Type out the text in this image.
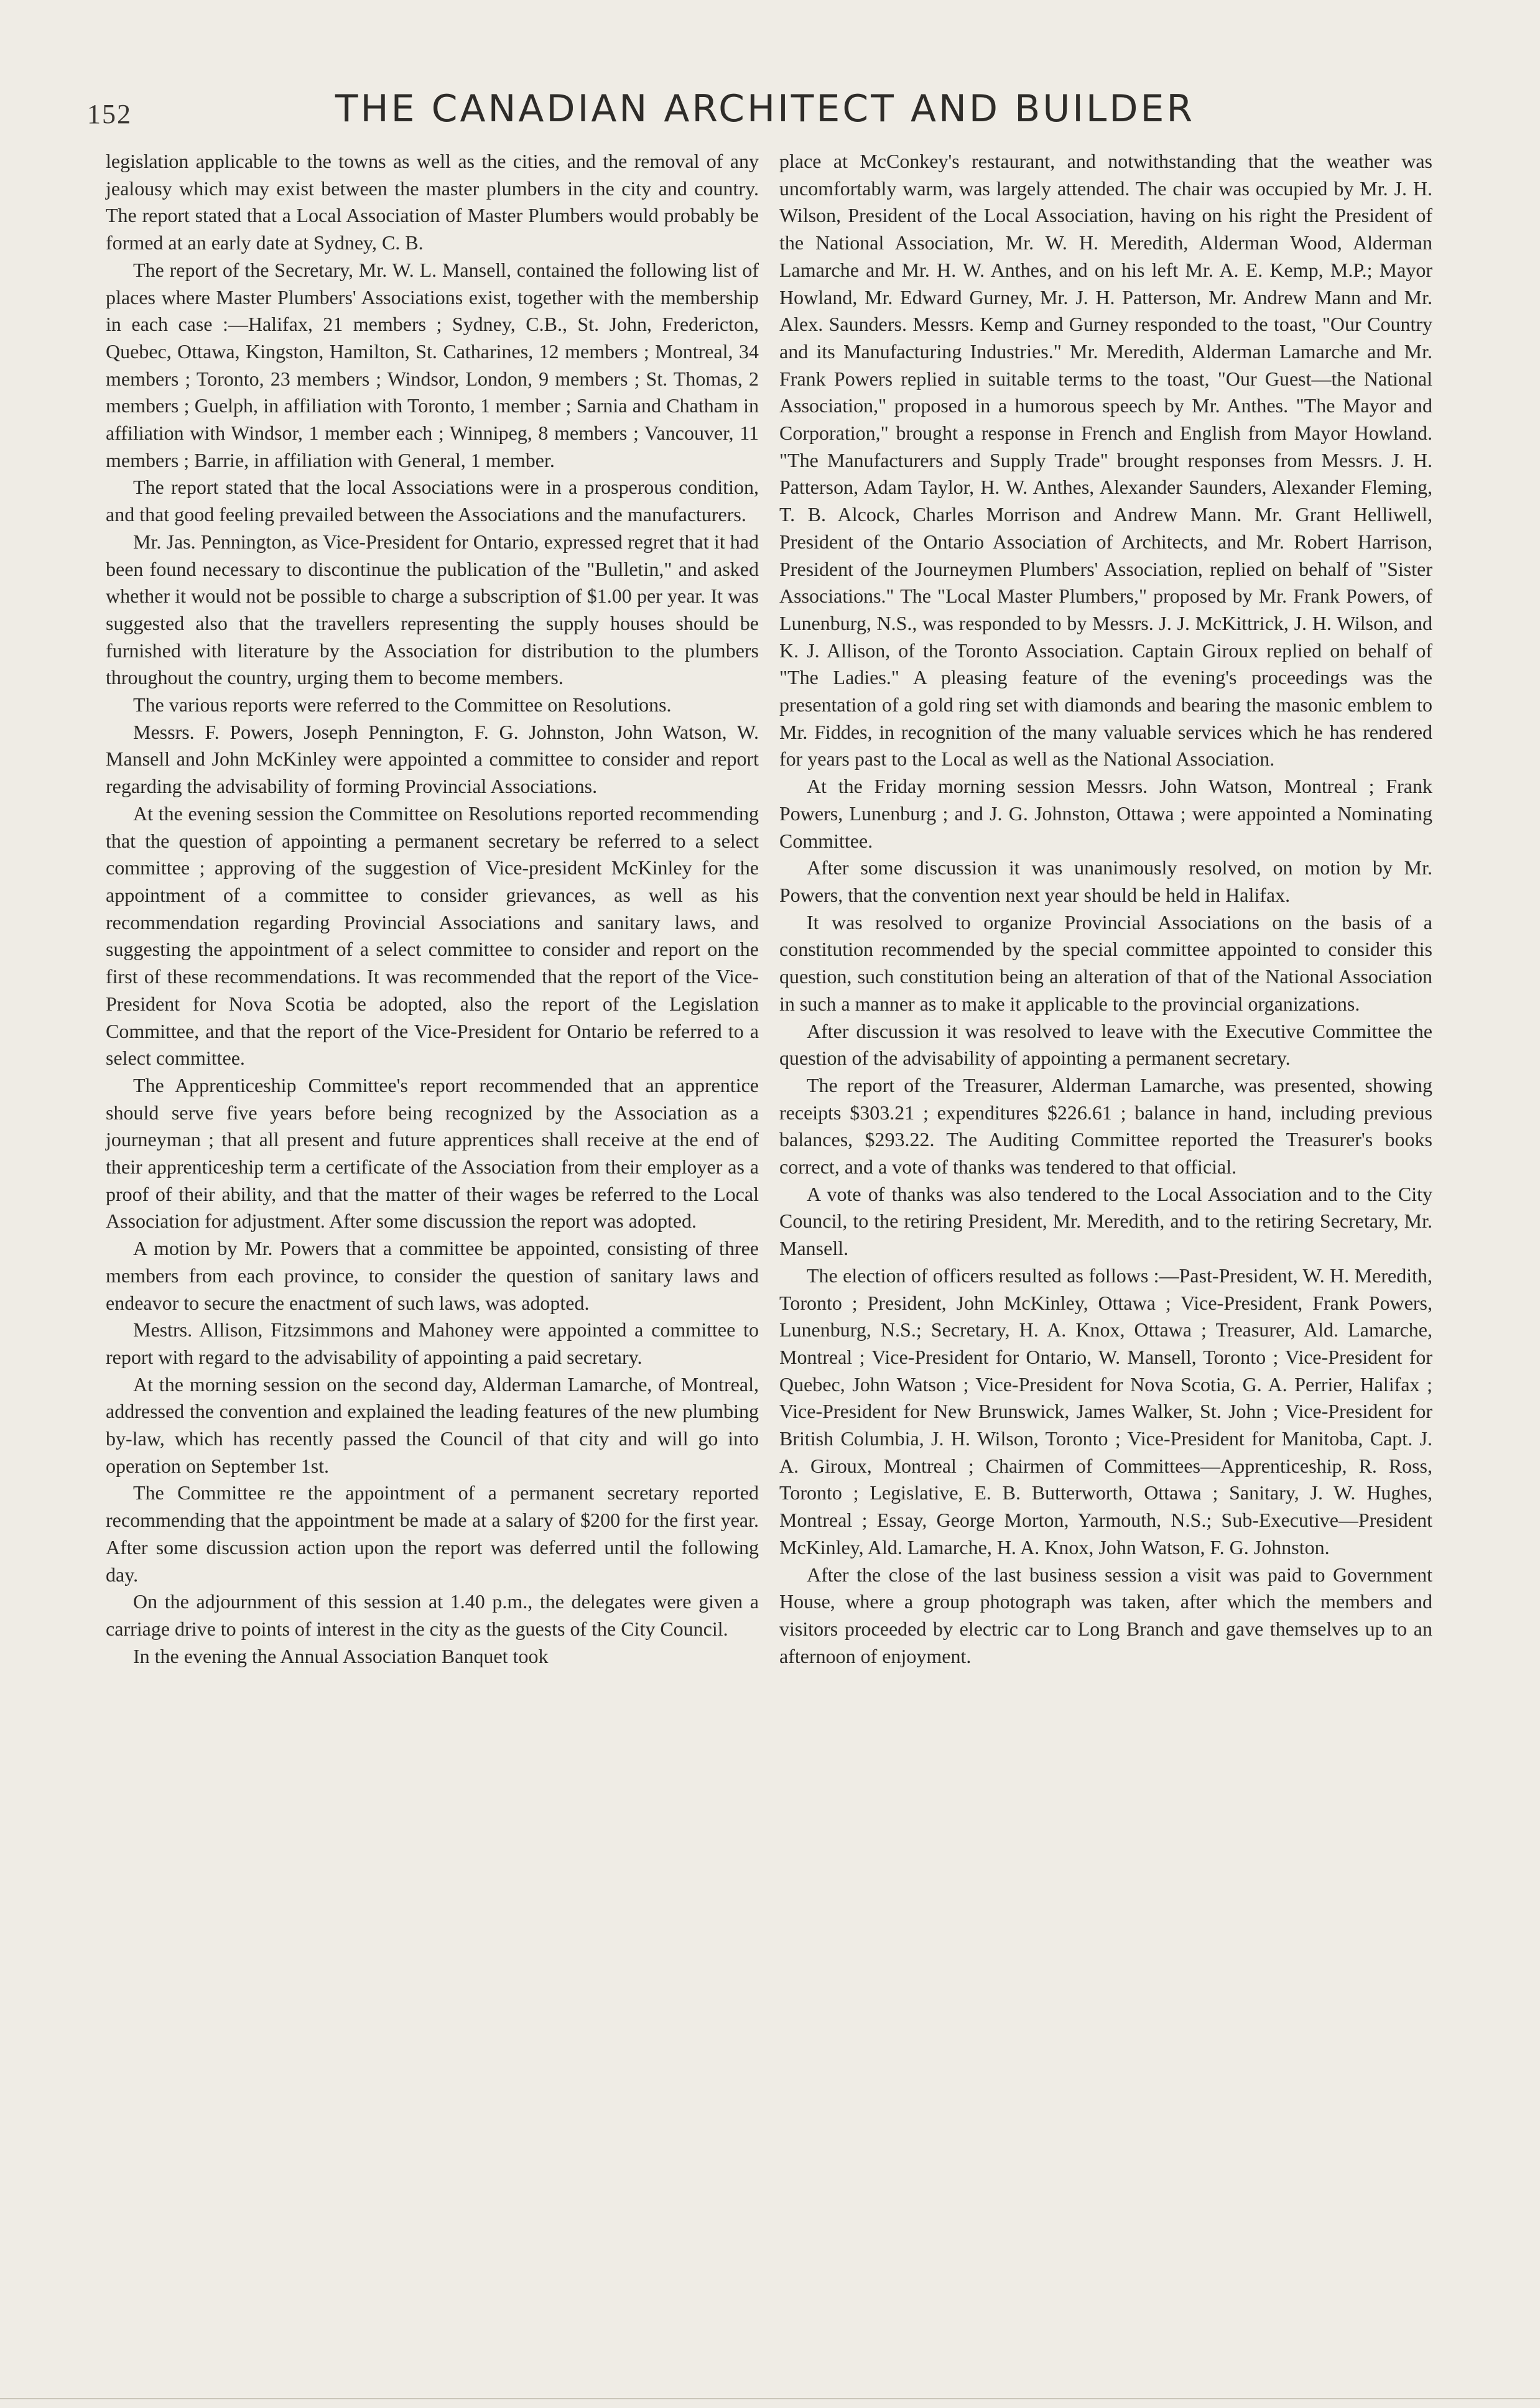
152	THE CANADIAN ARCHITECT AND BUILDER

legislation applicable to the towns as well as the cities, and the removal of any jealousy which may exist between the master plumbers in the city and country. The report stated that a Local Association of Master Plumbers would probably be formed at an early date at Sydney, C. B.

The report of the Secretary, Mr. W. L. Mansell, contained the following list of places where Master Plumbers' Associations exist, together with the membership in each case :—Halifax, 21 members ; Sydney, C.B., St. John, Fredericton, Quebec, Ottawa, Kingston, Hamilton, St. Catharines, 12 members ; Montreal, 34 members ; Toronto, 23 members ; Windsor, London, 9 members ; St. Thomas, 2 members ; Guelph, in affiliation with Toronto, 1 member ; Sarnia and Chatham in affiliation with Windsor, 1 member each ; Winnipeg, 8 members ; Vancouver, 11 members ; Barrie, in affiliation with General, 1 member.

The report stated that the local Associations were in a prosperous condition, and that good feeling prevailed between the Associations and the manufacturers.

Mr. Jas. Pennington, as Vice-President for Ontario, expressed regret that it had been found necessary to discontinue the publication of the "Bulletin," and asked whether it would not be possible to charge a subscription of $1.00 per year. It was suggested also that the travellers representing the supply houses should be furnished with literature by the Association for distribution to the plumbers throughout the country, urging them to become members.

The various reports were referred to the Committee on Resolutions.

Messrs. F. Powers, Joseph Pennington, F. G. Johnston, John Watson, W. Mansell and John McKinley were appointed a committee to consider and report regarding the advisability of forming Provincial Associations.

At the evening session the Committee on Resolutions reported recommending that the question of appointing a permanent secretary be referred to a select committee ; approving of the suggestion of Vice-president McKinley for the appointment of a committee to consider grievances, as well as his recommendation regarding Provincial Associations and sanitary laws, and suggesting the appointment of a select committee to consider and report on the first of these recommendations. It was recommended that the report of the Vice-President for Nova Scotia be adopted, also the report of the Legislation Committee, and that the report of the Vice-President for Ontario be referred to a select committee.

The Apprenticeship Committee's report recommended that an apprentice should serve five years before being recognized by the Association as a journeyman ; that all present and future apprentices shall receive at the end of their apprenticeship term a certificate of the Association from their employer as a proof of their ability, and that the matter of their wages be referred to the Local Association for adjustment. After some discussion the report was adopted.

A motion by Mr. Powers that a committee be appointed, consisting of three members from each province, to consider the question of sanitary laws and endeavor to secure the enactment of such laws, was adopted.

Mestrs. Allison, Fitzsimmons and Mahoney were appointed a committee to report with regard to the advisability of appointing a paid secretary.

At the morning session on the second day, Alderman Lamarche, of Montreal, addressed the convention and explained the leading features of the new plumbing by-law, which has recently passed the Council of that city and will go into operation on September 1st.

The Committee re the appointment of a permanent secretary reported recommending that the appointment be made at a salary of $200 for the first year. After some discussion action upon the report was deferred until the following day.

On the adjournment of this session at 1.40 p.m., the delegates were given a carriage drive to points of interest in the city as the guests of the City Council.

In the evening the Annual Association Banquet took

place at McConkey's restaurant, and notwithstanding that the weather was uncomfortably warm, was largely attended. The chair was occupied by Mr. J. H. Wilson, President of the Local Association, having on his right the President of the National Association, Mr. W. H. Meredith, Alderman Wood, Alderman Lamarche and Mr. H. W. Anthes, and on his left Mr. A. E. Kemp, M.P.; Mayor Howland, Mr. Edward Gurney, Mr. J. H. Patterson, Mr. Andrew Mann and Mr. Alex. Saunders. Messrs. Kemp and Gurney responded to the toast, "Our Country and its Manufacturing Industries." Mr. Meredith, Alderman Lamarche and Mr. Frank Powers replied in suitable terms to the toast, "Our Guest—the National Association," proposed in a humorous speech by Mr. Anthes. "The Mayor and Corporation," brought a response in French and English from Mayor Howland. "The Manufacturers and Supply Trade" brought responses from Messrs. J. H. Patterson, Adam Taylor, H. W. Anthes, Alexander Saunders, Alexander Fleming, T. B. Alcock, Charles Morrison and Andrew Mann. Mr. Grant Helliwell, President of the Ontario Association of Architects, and Mr. Robert Harrison, President of the Journeymen Plumbers' Association, replied on behalf of "Sister Associations." The "Local Master Plumbers," proposed by Mr. Frank Powers, of Lunenburg, N.S., was responded to by Messrs. J. J. McKittrick, J. H. Wilson, and K. J. Allison, of the Toronto Association. Captain Giroux replied on behalf of "The Ladies." A pleasing feature of the evening's proceedings was the presentation of a gold ring set with diamonds and bearing the masonic emblem to Mr. Fiddes, in recognition of the many valuable services which he has rendered for years past to the Local as well as the National Association.

At the Friday morning session Messrs. John Watson, Montreal ; Frank Powers, Lunenburg ; and J. G. Johnston, Ottawa ; were appointed a Nominating Committee.

After some discussion it was unanimously resolved, on motion by Mr. Powers, that the convention next year should be held in Halifax.

It was resolved to organize Provincial Associations on the basis of a constitution recommended by the special committee appointed to consider this question, such constitution being an alteration of that of the National Association in such a manner as to make it applicable to the provincial organizations.

After discussion it was resolved to leave with the Executive Committee the question of the advisability of appointing a permanent secretary.

The report of the Treasurer, Alderman Lamarche, was presented, showing receipts $303.21 ; expenditures $226.61 ; balance in hand, including previous balances, $293.22. The Auditing Committee reported the Treasurer's books correct, and a vote of thanks was tendered to that official.

A vote of thanks was also tendered to the Local Association and to the City Council, to the retiring President, Mr. Meredith, and to the retiring Secretary, Mr. Mansell.

The election of officers resulted as follows :—Past-President, W. H. Meredith, Toronto ; President, John McKinley, Ottawa ; Vice-President, Frank Powers, Lunenburg, N.S.; Secretary, H. A. Knox, Ottawa ; Treasurer, Ald. Lamarche, Montreal ; Vice-President for Ontario, W. Mansell, Toronto ; Vice-President for Quebec, John Watson ; Vice-President for Nova Scotia, G. A. Perrier, Halifax ; Vice-President for New Brunswick, James Walker, St. John ; Vice-President for British Columbia, J. H. Wilson, Toronto ; Vice-President for Manitoba, Capt. J. A. Giroux, Montreal ; Chairmen of Committees—Apprenticeship, R. Ross, Toronto ; Legislative, E. B. Butterworth, Ottawa ; Sanitary, J. W. Hughes, Montreal ; Essay, George Morton, Yarmouth, N.S.; Sub-Executive—President McKinley, Ald. Lamarche, H. A. Knox, John Watson, F. G. Johnston.

After the close of the last business session a visit was paid to Government House, where a group photograph was taken, after which the members and visitors proceeded by electric car to Long Branch and gave themselves up to an afternoon of enjoyment.
